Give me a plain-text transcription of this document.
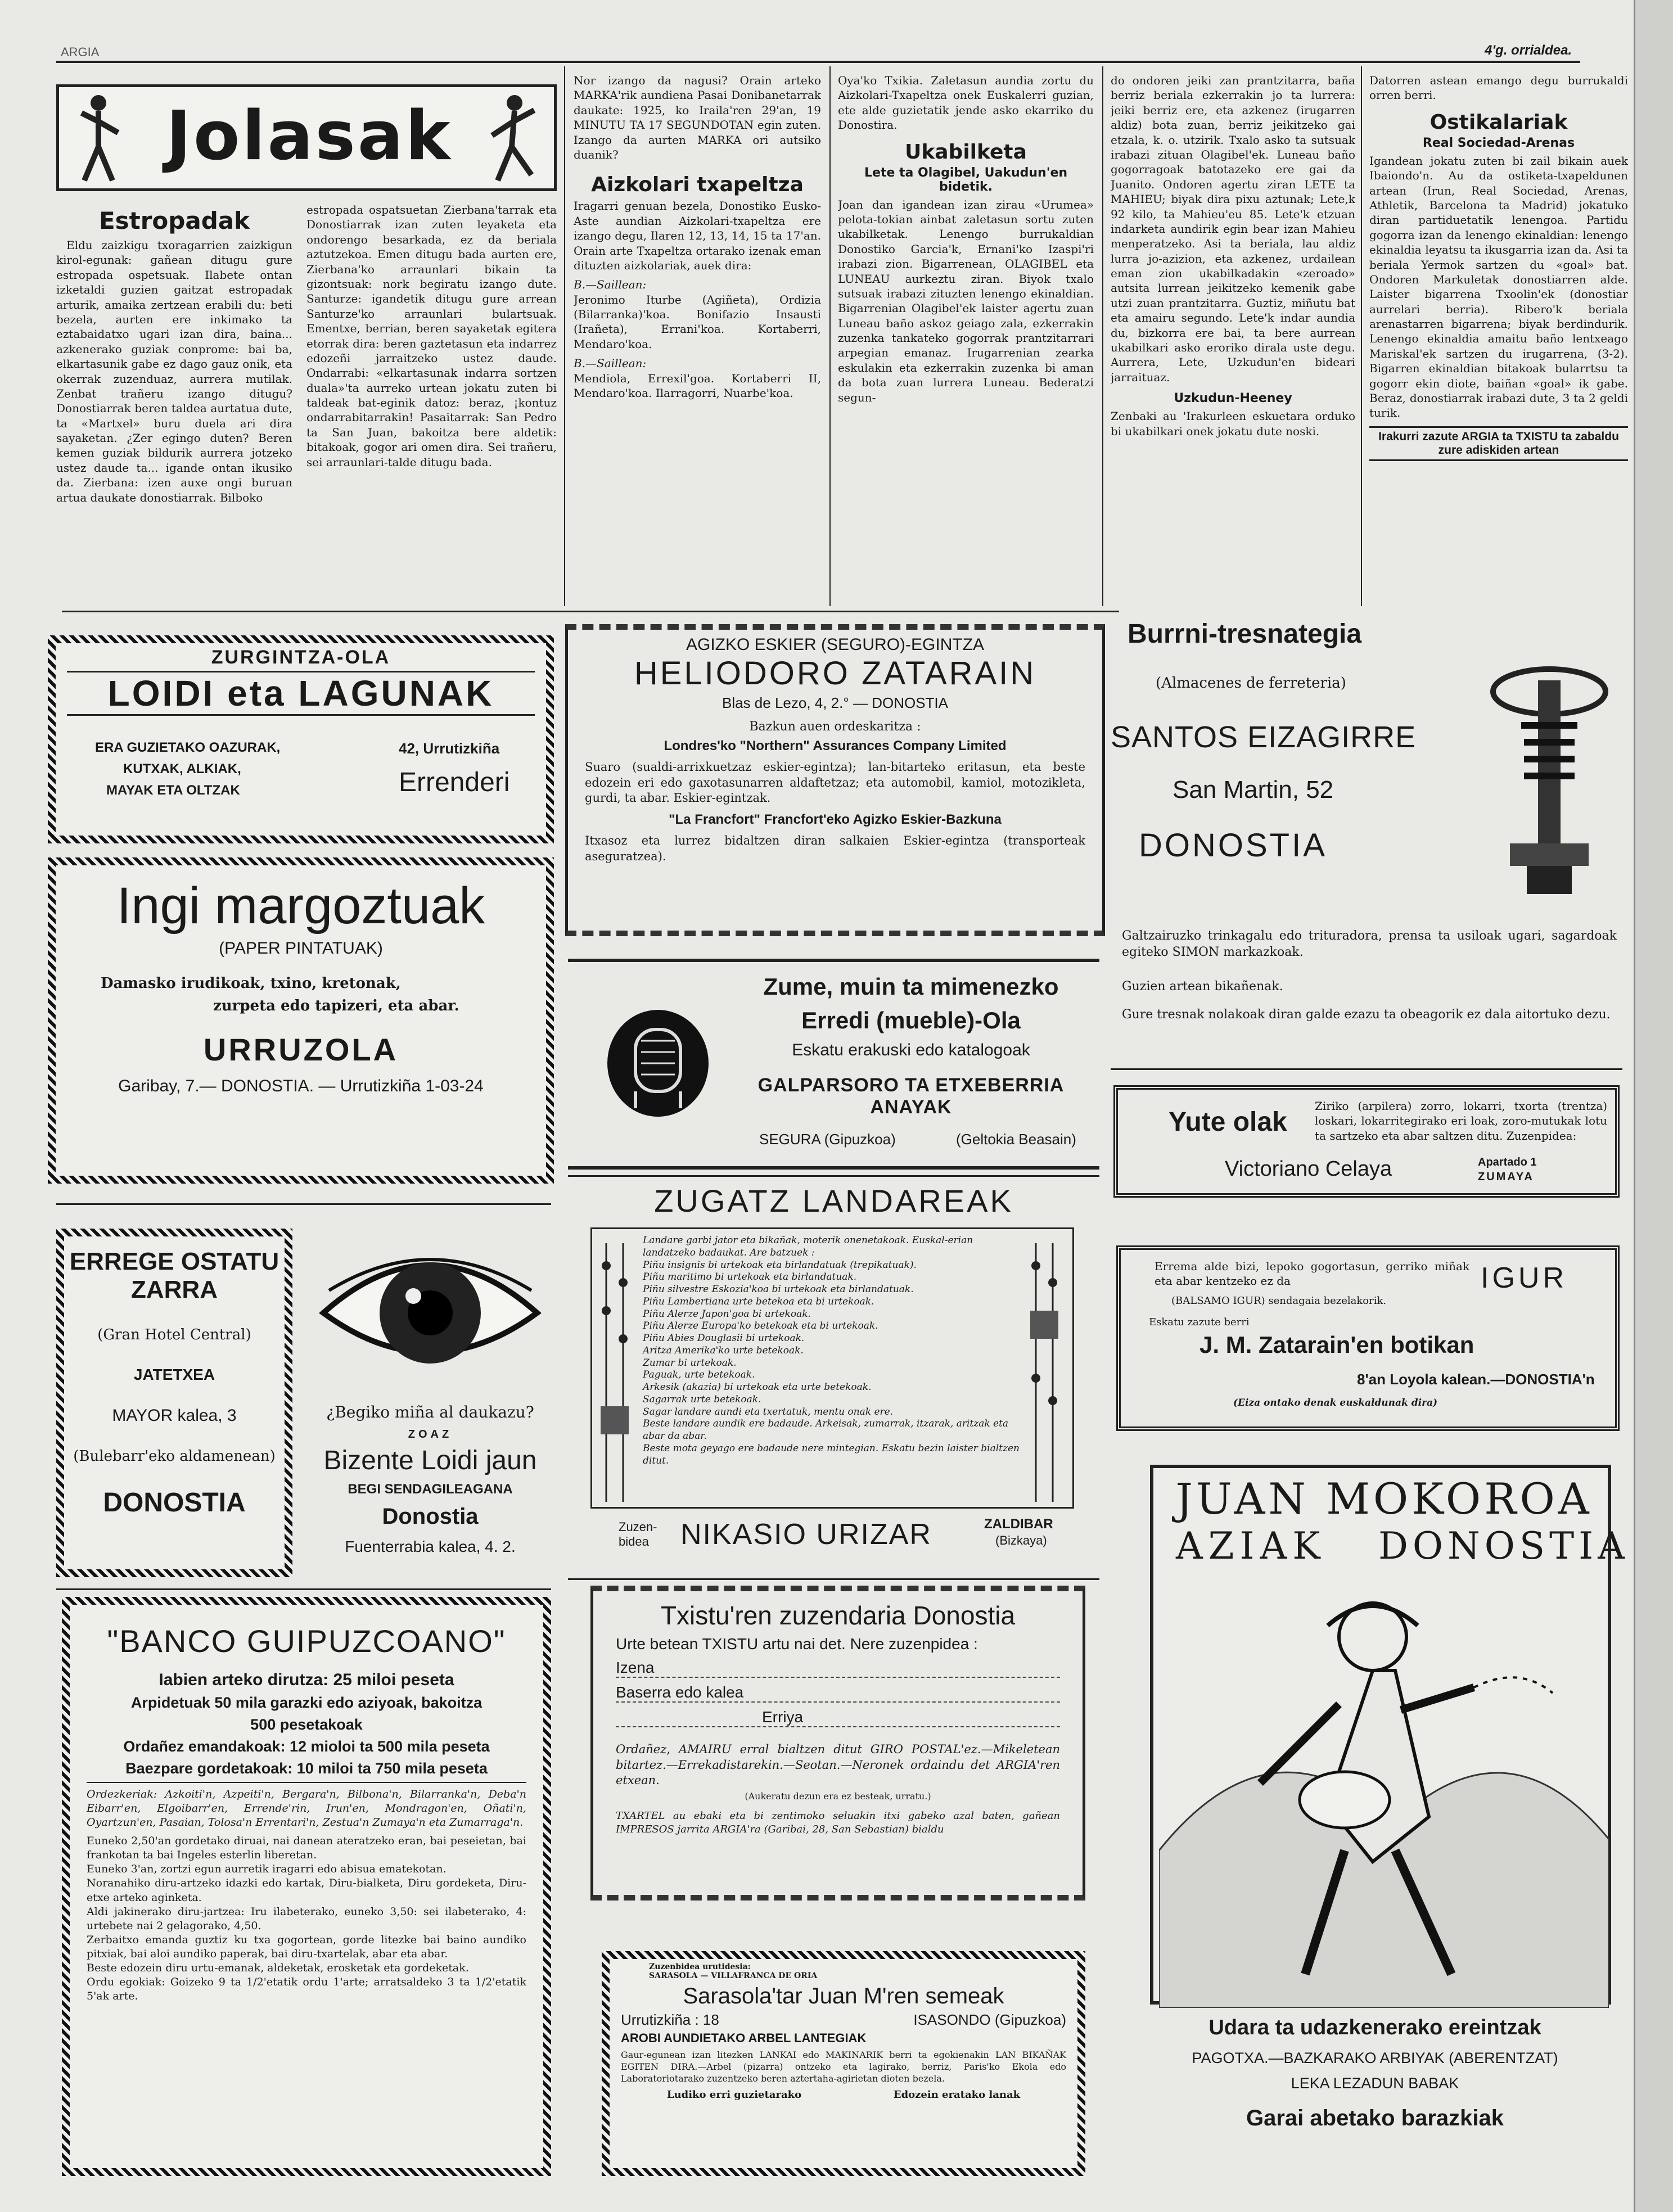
ARGIA	4'g. orrialdea.
Jolasak
Estropadak
Eldu zaizkigu txoragarrien zaizkigun kirol-egunak: gañean ditugu gure estropada ospetsuak. Ilabete ontan izketaldi guzien gaitzat estropadak arturik, amaika zertzean erabili du: beti bezela, aurten ere inkimako ta eztabaidatxo ugari izan dira, baina... azkenerako guziak conprome: bai ba, elkartasunik gabe ez dago gauz onik, eta okerrak zuzenduaz, aurrera mutilak. Zenbat trañeru izango ditugu? Donostiarrak beren taldea aurtatua dute, ta «Martxel» buru duela ari dira sayaketan. ¿Zer egingo duten? Beren kemen guziak bildurik aurrera jotzeko ustez daude ta... igande ontan ikusiko da. Zierbana: izen auxe ongi buruan artua daukate donostiarrak. Bilboko
estropada ospatsuetan Zierbana'tarrak eta Donostiarrak izan zuten leyaketa eta ondorengo besarkada, ez da beriala aztutzekoa. Emen ditugu bada aurten ere, Zierbana'ko arraunlari bikain ta gizontsuak: nork begiratu izango dute. Santurze: igandetik ditugu gure arrean Santurze'ko arraunlari bulartsuak. Ementxe, berrian, beren sayaketak egitera etorrak dira: beren gaztetasun eta indarrez edozeñi jarraitzeko ustez daude. Ondarrabi: «elkartasunak indarra sortzen duala»'ta aurreko urtean jokatu zuten bi taldeak bat-eginik datoz: beraz, ¡kontuz ondarrabitarrakin! Pasaitarrak: San Pedro ta San Juan, bakoitza bere aldetik: bitakoak, gogor ari omen dira. Sei trañeru, sei arraunlari-talde ditugu bada.
Nor izango da nagusi? Orain arteko MARKA'rik aundiena Pasai Donibanetarrak daukate: 1925, ko Iraila'ren 29'an, 19 MINUTU TA 17 SEGUNDOTAN egin zuten. Izango da aurten MARKA ori autsiko duanik?
Aizkolari txapeltza
Iragarri genuan bezela, Donostiko Eusko-Aste aundian Aizkolari-txapeltza ere izango degu, Ilaren 12, 13, 14, 15 ta 17'an. Orain arte Txapeltza ortarako izenak eman dituzten aizkolariak, auek dira:
B.—Saillean:
Jeronimo Iturbe (Agiñeta), Ordizia (Bilarranka)'koa. Bonifazio Insausti (Irañeta), Errani'koa. Kortaberri, Mendaro'koa.
B.—Saillean:
Mendiola, Errexil'goa. Kortaberri II, Mendaro'koa. Ilarragorri, Nuarbe'koa.
Oya'ko Txikia. Zaletasun aundia zortu du Aizkolari-Txapeltza onek Euskalerri guzian, ete alde guzietatik jende asko ekarriko du Donostira.
Ukabilketa
Lete ta Olagibel, Uakudun'en bidetik.
Joan dan igandean izan zirau «Urumea» pelota-tokian ainbat zaletasun sortu zuten ukabilketak. Lenengo burrukaldian Donostiko Garcia'k, Ernani'ko Izaspi'ri irabazi zion. Bigarrenean, OLAGIBEL eta LUNEAU aurkeztu ziran. Biyok txalo sutsuak irabazi zituzten lenengo ekinaldian. Bigarrenian Olagibel'ek laister agertu zuan Luneau baño askoz geiago zala, ezkerrakin zuzenka tankateko gogorrak prantzitarrari arpegian emanaz. Irugarrenian zearka eskulakin eta ezkerrakin zuzenka bi aman da bota zuan lurrera Luneau. Bederatzi segun-
do ondoren jeiki zan prantzitarra, baña berriz beriala ezkerrakin jo ta lurrera: jeiki berriz ere, eta azkenez (irugarren aldiz) bota zuan, berriz jeikitzeko gai etzala, k. o. utzirik. Txalo asko ta sutsuak irabazi zituan Olagibel'ek. Luneau baño gogorragoak batotazeko ere gai da Juanito. Ondoren agertu ziran LETE ta MAHIEU; biyak dira pixu aztunak; Lete,k 92 kilo, ta Mahieu'eu 85. Lete'k etzuan indarketa aundirik egin bear izan Mahieu menperatzeko. Asi ta beriala, lau aldiz lurra jo-azizion, eta azkenez, urdailean eman zion ukabilkadakin «zeroado» autsita lurrean jeikitzeko kemenik gabe utzi zuan prantzitarra. Guztiz, miñutu bat eta amairu segundo. Lete'k indar aundia du, bizkorra ere bai, ta bere aurrean ukabilkari asko eroriko dirala uste degu. Aurrera, Lete, Uzkudun'en bideari jarraituaz.
Uzkudun-Heeney
Zenbaki au 'Irakurleen eskuetara orduko bi ukabilkari onek jokatu dute noski.
Datorren astean emango degu burrukaldi orren berri.
Ostikalariak
Real Sociedad-Arenas
Igandean jokatu zuten bi zail bikain auek Ibaiondo'n. Au da ostiketa-txapeldunen artean (Irun, Real Sociedad, Arenas, Athletik, Barcelona ta Madrid) jokatuko diran partiduetatik lenengoa. Partidu gogorra izan da lenengo ekinaldian: lenengo ekinaldia leyatsu ta ikusgarria izan da. Asi ta beriala Yermok sartzen du «goal» bat. Ondoren Markuletak donostiarren alde. Laister bigarrena Txoolin'ek (donostiar aurrelari berria). Ribero'k beriala arenastarren bigarrena; biyak berdindurik. Lenengo ekinaldia amaitu baño lentxeago Mariskal'ek sartzen du irugarrena, (3-2). Bigarren ekinaldian bitakoak bularrtsu ta gogorr ekin diote, baiñan «goal» ik gabe. Beraz, donostiarrak irabazi dute, 3 ta 2 geldi turik.
Irakurri zazute ARGIA ta TXISTU ta zabaldu zure adiskiden artean
ZURGINTZA-OLA
LOIDI eta LAGUNAK
ERA GUZIETAKO OAZURAK,
KUTXAK, ALKIAK,
MAYAK ETA OLTZAK
42, Urrutizkiña
Errenderi
Ingi margoztuak
(PAPER PINTATUAK)
Damasko irudikoak, txino, kretonak,
zurpeta edo tapizeri, eta abar.
URRUZOLA
Garibay, 7.— DONOSTIA. — Urrutizkiña 1-03-24
ERREGE OSTATU ZARRA
(Gran Hotel Central)
JATETXEA
MAYOR kalea, 3
(Bulebarr'eko aldamenean)
DONOSTIA
¿Begiko miña al daukazu?
ZOAZ
Bizente Loidi jaun
BEGI SENDAGILEAGANA
Donostia
Fuenterrabia kalea, 4. 2.
"BANCO GUIPUZCOANO"
Iabien arteko dirutza: 25 miloi peseta
Arpidetuak 50 mila garazki edo aziyoak, bakoitza
500 pesetakoak
Ordañez emandakoak: 12 mioloi ta 500 mila peseta
Baezpare gordetakoak: 10 miloi ta 750 mila peseta
Ordezkeriak: Azkoiti'n, Azpeiti'n, Bergara'n, Bilbona'n, Bilarranka'n, Deba'n Eibarr'en, Elgoibarr'en, Errende'rin, Irun'en, Mondragon'en, Oñati'n, Oyartzun'en, Pasaian, Tolosa'n Errentari'n, Zestua'n Zumaya'n eta Zumarraga'n.
Euneko 2,50'an gordetako diruai, nai danean ateratzeko eran, bai peseietan, bai frankotan ta bai Ingeles esterlin liberetan.
Euneko 3'an, zortzi egun aurretik iragarri edo abisua ematekotan.
Noranahiko diru-artzeko idazki edo kartak, Diru-bialketa, Diru gordeketa, Diru-etxe arteko aginketa.
Aldi jakinerako diru-jartzea: Iru ilabeterako, euneko 3,50: sei ilabeterako, 4: urtebete nai 2 gelagorako, 4,50.
Zerbaitxo emanda guztiz ku txa gogortean, gorde litezke bai baino aundiko pitxiak, bai aloi aundiko paperak, bai diru-txartelak, abar eta abar.
Beste edozein diru urtu-emanak, aldeketak, erosketak eta gordeketak.
Ordu egokiak: Goizeko 9 ta 1/2'etatik ordu 1'arte; arratsaldeko 3 ta 1/2'etatik 5'ak arte.
AGIZKO ESKIER (SEGURO)-EGINTZA
HELIODORO ZATARAIN
Blas de Lezo, 4, 2.° — DONOSTIA
Bazkun auen ordeskaritza :
Londres'ko "Northern" Assurances Company Limited
Suaro (sualdi-arrixkuetzaz eskier-egintza); lan-bitarteko eritasun, eta beste edozein eri edo gaxotasunarren aldaftetzaz; eta automobil, kamiol, motozikleta, gurdi, ta abar. Eskier-egintzak.
"La Francfort" Francfort'eko Agizko Eskier-Bazkuna
Itxasoz eta lurrez bidaltzen diran salkaien Eskier-egintza (transporteak aseguratzea).
Zume, muin ta mimenezko
Erredi (mueble)-Ola
Eskatu erakuski edo katalogoak
GALPARSORO TA ETXEBERRIA ANAYAK
SEGURA (Gipuzkoa)	(Geltokia Beasain)
ZUGATZ LANDAREAK
Landare garbi jator eta bikañak, moterik onenetakoak. Euskal-erian landatzeko badaukat. Are batzuek :
Piñu insignis bi urtekoak eta birlandatuak (trepikatuak).
Piñu maritimo bi urtekoak eta birlandatuak.
Piñu silvestre Eskozia'koa bi urtekoak eta birlandatuak.
Piñu Lambertiana urte betekoa eta bi urtekoak.
Piñu Alerze Japon'goa bi urtekoak.
Piñu Alerze Europa'ko betekoak eta bi urtekoak.
Piñu Abies Douglasii bi urtekoak.
Aritza Amerika'ko urte betekoak.
Zumar bi urtekoak.
Paguak, urte betekoak.
Arkesik (akazia) bi urtekoak eta urte betekoak.
Sagarrak urte betekoak.
Sagar landare aundi eta txertatuk, mentu onak ere.
Beste landare aundik ere badaude. Arkeisak, zumarrak, itzarak, aritzak eta abar da abar.
Beste mota geyago ere badaude nere mintegian. Eskatu bezin laister bialtzen ditut.
Zuzen-
bidea NIKASIO URIZAR	ZALDIBAR
(Bizkaya)
Txistu'ren zuzendaria Donostia
Urte betean TXISTU artu nai det. Nere zuzenpidea :
Izena
Baserra edo kalea
Erriya
Ordañez, AMAIRU erral bialtzen ditut GIRO POSTAL'ez.—Mikeletean bitartez.—Errekadistarekin.—Seotan.—Neronek ordaindu det ARGIA'ren etxean.
(Aukeratu dezun era ez besteak, urratu.)
TXARTEL au ebaki eta bi zentimoko seluakin itxi gabeko azal baten, gañean IMPRESOS jarrita ARGIA'ra (Garibai, 28, San Sebastian) bialdu
Zuzenbidea urutidesia:
SARASOLA — VILLAFRANCA DE ORIA
Sarasola'tar Juan M'ren semeak
Urrutizkiña : 18	ISASONDO (Gipuzkoa)
AROBI AUNDIETAKO ARBEL LANTEGIAK
Gaur-egunean izan litezken LANKAI edo MAKINARIK berri ta egokienakin LAN BIKAÑAK EGITEN DIRA.—Arbel (pizarra) ontzeko eta lagirako, berriz, Paris'ko Ekola edo Laboratoriotarako zuzentzeko beren aztertaha-agirietan dioten bezela.
Ludiko erri guzietarako	Edozein eratako lanak
Burrni-tresnategia
(Almacenes de ferreteria)
SANTOS EIZAGIRRE
San Martin, 52
DONOSTIA
Galtzairuzko trinkagalu edo trituradora, prensa ta usiloak ugari, sagardoak egiteko SIMON markazkoak.
Guzien artean bikañenak.
Gure tresnak nolakoak diran galde ezazu ta obeagorik ez dala aitortuko dezu.
Yute olak
Ziriko (arpilera) zorro, lokarri, txorta (trentza) loskari, lokarritegirako eri loak, zoro-mutukak lotu ta sartzeko eta abar saltzen ditu. Zuzenpidea:
Victoriano Celaya	Apartado 1
ZUMAYA
Errema alde bizi, lepoko gogortasun, gerriko miñak eta abar kentzeko ez da	IGUR
(BALSAMO IGUR) sendagaia bezelakorik.
Eskatu zazute berri
J. M. Zatarain'en botikan
8'an Loyola kalean.—DONOSTIA'n
(Eiza ontako denak euskaldunak dira)
JUAN MOKOROA
AZIAK DONOSTIA
Udara ta udazkenerako ereintzak
PAGOTXA.—BAZKARAKO ARBIYAK (ABERENTZAT)
LEKA LEZADUN BABAK
Garai abetako barazkiak
